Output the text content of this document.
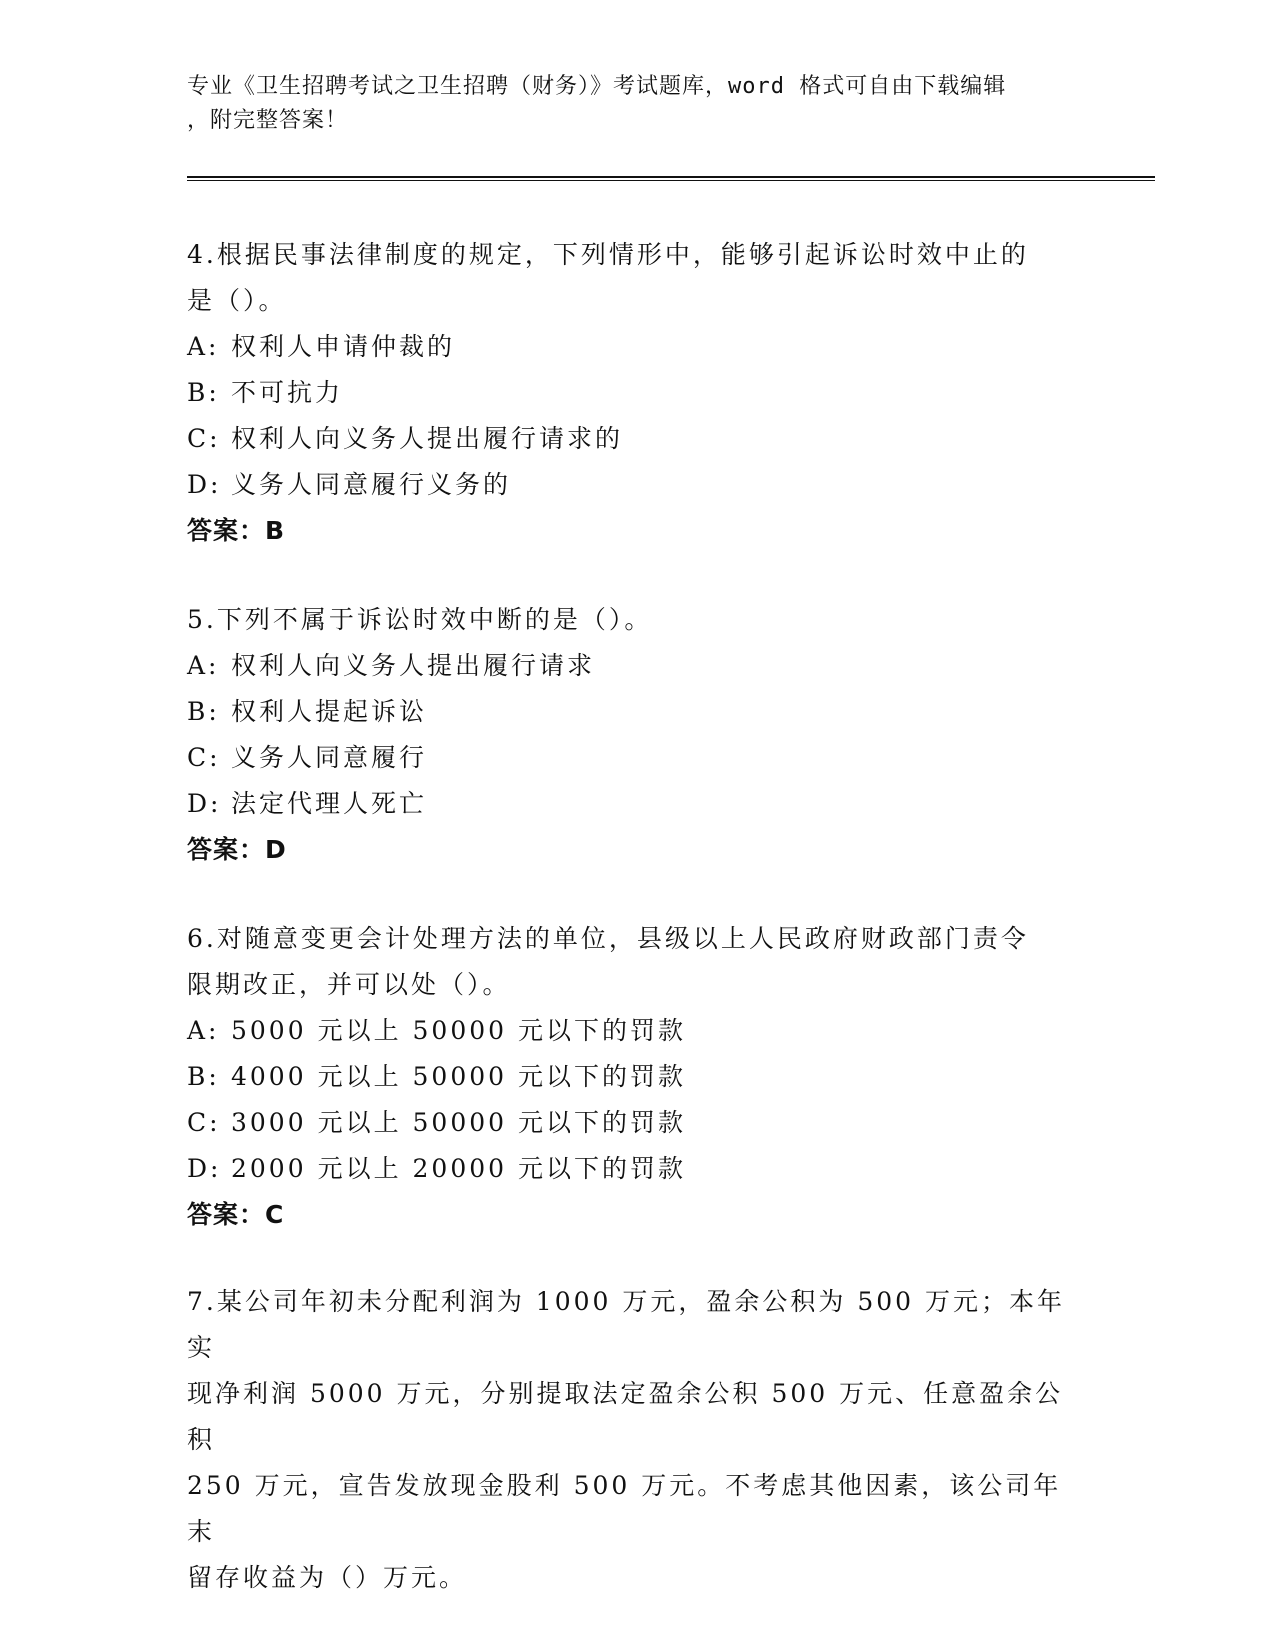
专业《卫生招聘考试之卫生招聘（财务）》考试题库，word 格式可自由下载编辑
，附完整答案！

4.根据民事法律制度的规定，下列情形中，能够引起诉讼时效中止的

是（）。

A: 权利人申请仲裁的

B: 不可抗力

C: 权利人向义务人提出履行请求的

D: 义务人同意履行义务的

答案：B

5.下列不属于诉讼时效中断的是（）。

A: 权利人向义务人提出履行请求

B: 权利人提起诉讼

C: 义务人同意履行

D: 法定代理人死亡

答案：D

6.对随意变更会计处理方法的单位，县级以上人民政府财政部门责令

限期改正，并可以处（）。

A: 5000 元以上 50000 元以下的罚款

B: 4000 元以上 50000 元以下的罚款

C: 3000 元以上 50000 元以下的罚款

D: 2000 元以上 20000 元以下的罚款

答案：C

7.某公司年初未分配利润为 1000 万元，盈余公积为 500 万元；本年实

现净利润 5000 万元，分别提取法定盈余公积 500 万元、任意盈余公积

250 万元，宣告发放现金股利 500 万元。不考虑其他因素，该公司年末

留存收益为（）万元。
